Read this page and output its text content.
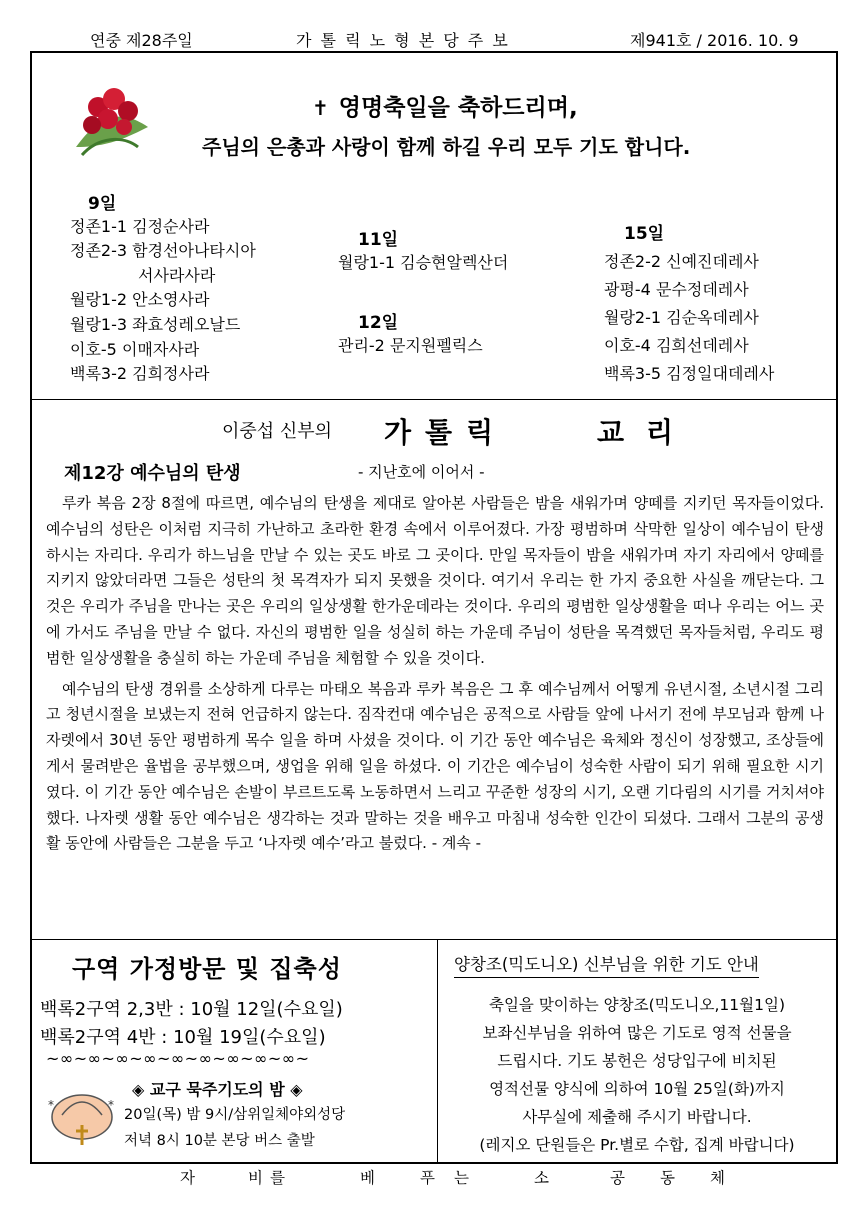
연중 제28주일	가 톨 릭 노 형 본 당 주 보	제941호 / 2016. 10. 9
✝ 영명축일을 축하드리며,
주님의 은총과 사랑이 함께 하길 우리 모두 기도 합니다.
9일
정존1-1 김정순사라
정존2-3 함경선아나타시아
서사라사라
월랑1-2 안소영사라
월랑1-3 좌효성레오날드
이호-5 이매자사라
백록3-2 김희정사라
11일
월랑1-1 김승현알렉산더
12일
관리-2 문지원펠릭스
15일
정존2-2 신예진데레사
광평-4 문수정데레사
월랑2-1 김순옥데레사
이호-4 김희선데레사
백록3-5 김정일대데레사
이중섭 신부의 가톨릭	교리
제12강 예수님의 탄생	- 지난호에 이어서 -

루카 복음 2장 8절에 따르면, 예수님의 탄생을 제대로 알아본 사람들은 밤을 새워가며 양떼를 지키던 목자들이었다. 예수님의 성탄은 이처럼 지극히 가난하고 초라한 환경 속에서 이루어졌다. 가장 평범하며 삭막한 일상이 예수님이 탄생하시는 자리다. 우리가 하느님을 만날 수 있는 곳도 바로 그 곳이다. 만일 목자들이 밤을 새워가며 자기 자리에서 양떼를 지키지 않았더라면 그들은 성탄의 첫 목격자가 되지 못했을 것이다. 여기서 우리는 한 가지 중요한 사실을 깨닫는다. 그것은 우리가 주님을 만나는 곳은 우리의 일상생활 한가운데라는 것이다. 우리의 평범한 일상생활을 떠나 우리는 어느 곳에 가서도 주님을 만날 수 없다. 자신의 평범한 일을 성실히 하는 가운데 주님이 성탄을 목격했던 목자들처럼, 우리도 평범한 일상생활을 충실히 하는 가운데 주님을 체험할 수 있을 것이다.

예수님의 탄생 경위를 소상하게 다루는 마태오 복음과 루카 복음은 그 후 예수님께서 어떻게 유년시절, 소년시절 그리고 청년시절을 보냈는지 전혀 언급하지 않는다. 짐작컨대 예수님은 공적으로 사람들 앞에 나서기 전에 부모님과 함께 나자렛에서 30년 동안 평범하게 목수 일을 하며 사셨을 것이다. 이 기간 동안 예수님은 육체와 정신이 성장했고, 조상들에게서 물려받은 율법을 공부했으며, 생업을 위해 일을 하셨다. 이 기간은 예수님이 성숙한 사람이 되기 위해 필요한 시기였다. 이 기간 동안 예수님은 손발이 부르트도록 노동하면서 느리고 꾸준한 성장의 시기, 오랜 기다림의 시기를 거치셔야 했다. 나자렛 생활 동안 예수님은 생각하는 것과 말하는 것을 배우고 마침내 성숙한 인간이 되셨다. 그래서 그분의 공생활 동안에 사람들은 그분을 두고 ‘나자렛 예수’라고 불렀다. - 계속 -

구역 가정방문 및 집축성
백록2구역 2,3반 : 10월 12일(수요일)
백록2구역 4반 : 10월 19일(수요일)
~∞~∞~∞~∞~∞~∞~∞~∞~∞~
*	*
◈ 교구 묵주기도의 밤 ◈
20일(목) 밤 9시/삼위일체야외성당
저녁 8시 10분 본당 버스 출발
양창조(믹도니오) 신부님을 위한 기도 안내
축일을 맞이하는 양창조(믹도니오,11월1일)
보좌신부님을 위하여 많은 기도로 영적 선물을
드립시다. 기도 봉헌은 성당입구에 비치된
영적선물 양식에 의하여 10월 25일(화)까지
사무실에 제출해 주시기 바랍니다.
(레지오 단원들은 Pr.별로 수합, 집계 바랍니다)
자	비 를	베	푸 는	소	공 동 체
